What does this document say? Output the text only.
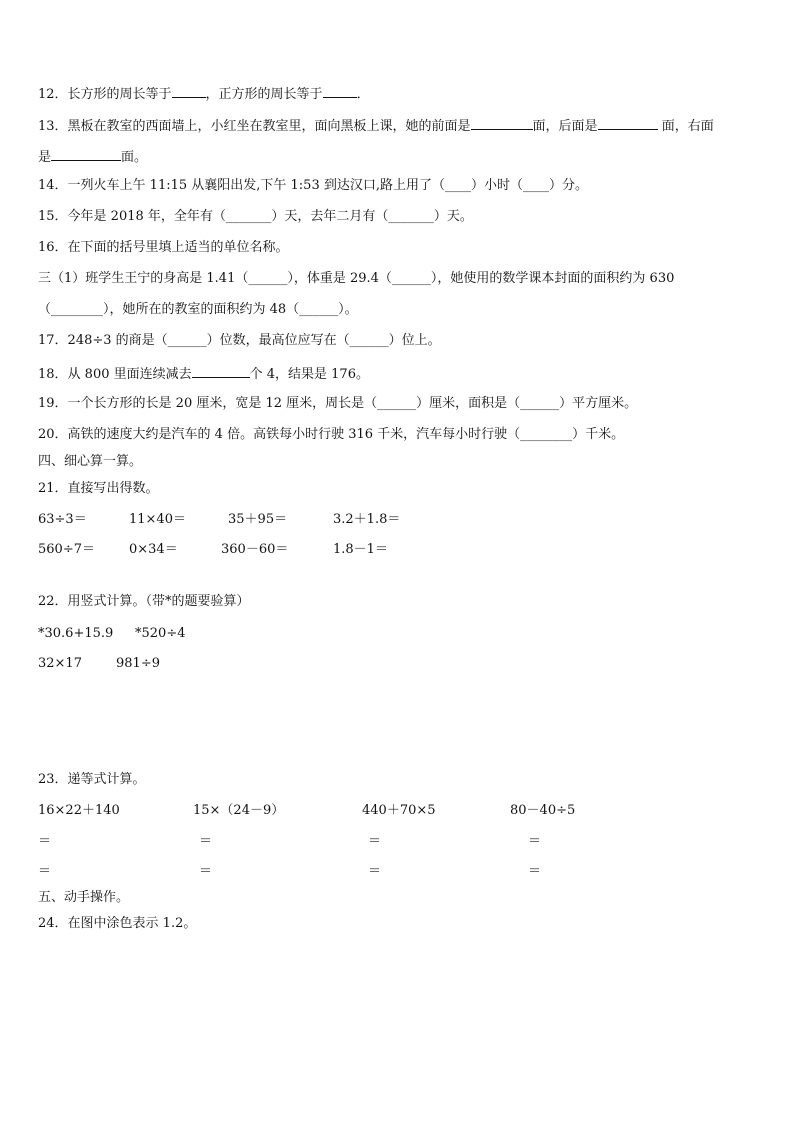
12．长方形的周长等于	，正方形的周长等于	．
13．黑板在教室的西面墙上，小红坐在教室里，面向黑板上课，她的前面是	面，后面是	面，右面
是	面。
14．一列火车上午 11:15 从襄阳出发,下午 1:53 到达汉口,路上用了（____）小时（____）分。
15．今年是 2018 年，全年有（_______）天，去年二月有（_______）天。
16．在下面的括号里填上适当的单位名称。
三（1）班学生王宁的身高是 1.41（______），体重是 29.4（______），她使用的数学课本封面的面积约为 630
（________），她所在的教室的面积约为 48（______）。
17．248÷3 的商是（______）位数，最高位应写在（______）位上。
18．从 800 里面连续减去	个 4，结果是 176。
19．一个长方形的长是 20 厘米，宽是 12 厘米，周长是（______）厘米，面积是（______）平方厘米。
20．高铁的速度大约是汽车的 4 倍。高铁每小时行驶 316 千米，汽车每小时行驶（________）千米。
四、细心算一算。
21．直接写出得数。
63÷3＝	11×40＝	35＋95＝	3.2＋1.8＝
560÷7＝	0×34＝	360－60＝	1.8－1＝
22．用竖式计算。（带*的题要验算）
*30.6+15.9 *520÷4
32×17	981÷9
23．递等式计算。
16×22＋140	15×（24－9）	440＋70×5	80－40÷5
＝	＝	＝	＝
＝	＝	＝	＝
五、动手操作。
24．在图中涂色表示 1.2。
